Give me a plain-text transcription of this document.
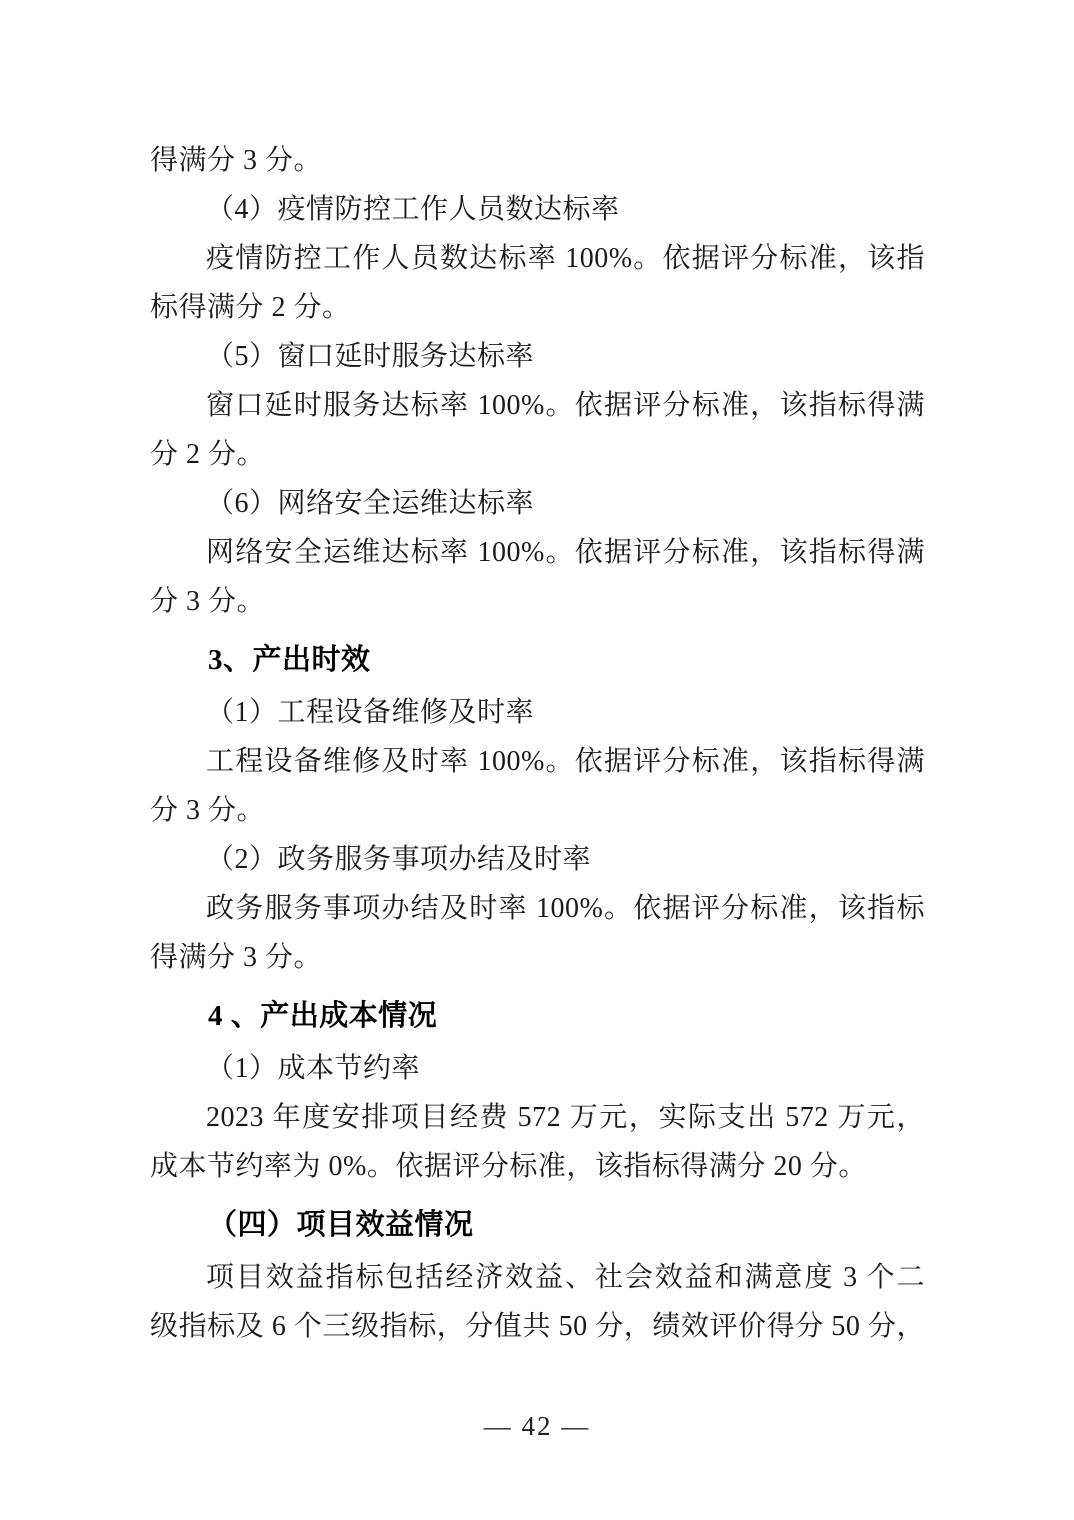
得满分 3 分。
（4）疫情防控工作人员数达标率
疫情防控工作人员数达标率 100%。依据评分标准，该指
标得满分 2 分。
（5）窗口延时服务达标率
窗口延时服务达标率 100%。依据评分标准，该指标得满
分 2 分。
（6）网络安全运维达标率
网络安全运维达标率 100%。依据评分标准，该指标得满
分 3 分。
3、产出时效
（1）工程设备维修及时率
工程设备维修及时率 100%。依据评分标准，该指标得满
分 3 分。
（2）政务服务事项办结及时率
政务服务事项办结及时率 100%。依据评分标准，该指标
得满分 3 分。
4 、产出成本情况
（1）成本节约率
2023 年度安排项目经费 572 万元，实际支出 572 万元，
成本节约率为 0%。依据评分标准，该指标得满分 20 分。
（四）项目效益情况
项目效益指标包括经济效益、社会效益和满意度 3 个二
级指标及 6 个三级指标，分值共 50 分，绩效评价得分 50 分，
— 42 —
